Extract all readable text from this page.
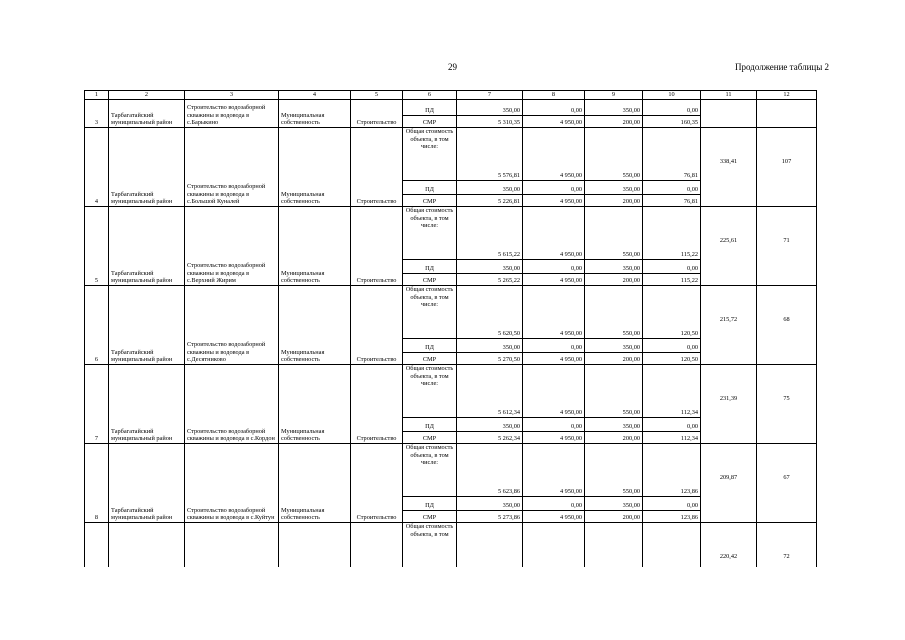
29	Продолжение таблицы 2
1	2	3	4	5	6	7	8	9	10	11	12
3	Тарбагатайский муниципальный район	Строительство водозаборной скважины и водовода в с.Барыкино	Муниципальная собственность	Строительство	ПД	350,00	0,00	350,00	0,00		
					СМР	5 310,35	4 950,00	200,00	160,35		
4	Тарбагатайский муниципальный район	Строительство водозаборной скважины и водовода в с.Большой Куналей	Муниципальная собственность	Строительство	Общая стоимость объекта, в том числе:	5 576,81	4 950,00	550,00	76,81	338,41	107
					ПД	350,00	0,00	350,00	0,00		
					СМР	5 226,81	4 950,00	200,00	76,81		
5	Тарбагатайский муниципальный район	Строительство водозаборной скважины и водовода в с.Верхний Жирим	Муниципальная собственность	Строительство	Общая стоимость объекта, в том числе:	5 615,22	4 950,00	550,00	115,22	225,61	71
					ПД	350,00	0,00	350,00	0,00		
					СМР	5 265,22	4 950,00	200,00	115,22		
6	Тарбагатайский муниципальный район	Строительство водозаборной скважины и водовода в с.Десятниково	Муниципальная собственность	Строительство	Общая стоимость объекта, в том числе:	5 620,50	4 950,00	550,00	120,50	215,72	68
					ПД	350,00	0,00	350,00	0,00		
					СМР	5 270,50	4 950,00	200,00	120,50		
7	Тарбагатайский муниципальный район	Строительство водозаборной скважины и водовода в с.Кордон	Муниципальная собственность	Строительство	Общая стоимость объекта, в том числе:	5 612,34	4 950,00	550,00	112,34	231,39	75
					ПД	350,00	0,00	350,00	0,00		
					СМР	5 262,34	4 950,00	200,00	112,34		
8	Тарбагатайский муниципальный район	Строительство водозаборной скважины и водовода в с.Куйтун	Муниципальная собственность	Строительство	Общая стоимость объекта, в том числе:	5 623,86	4 950,00	550,00	123,86	209,87	67
					ПД	350,00	0,00	350,00	0,00		
					СМР	5 273,86	4 950,00	200,00	123,86		
					Общая стоимость объекта, в том					220,42	72
